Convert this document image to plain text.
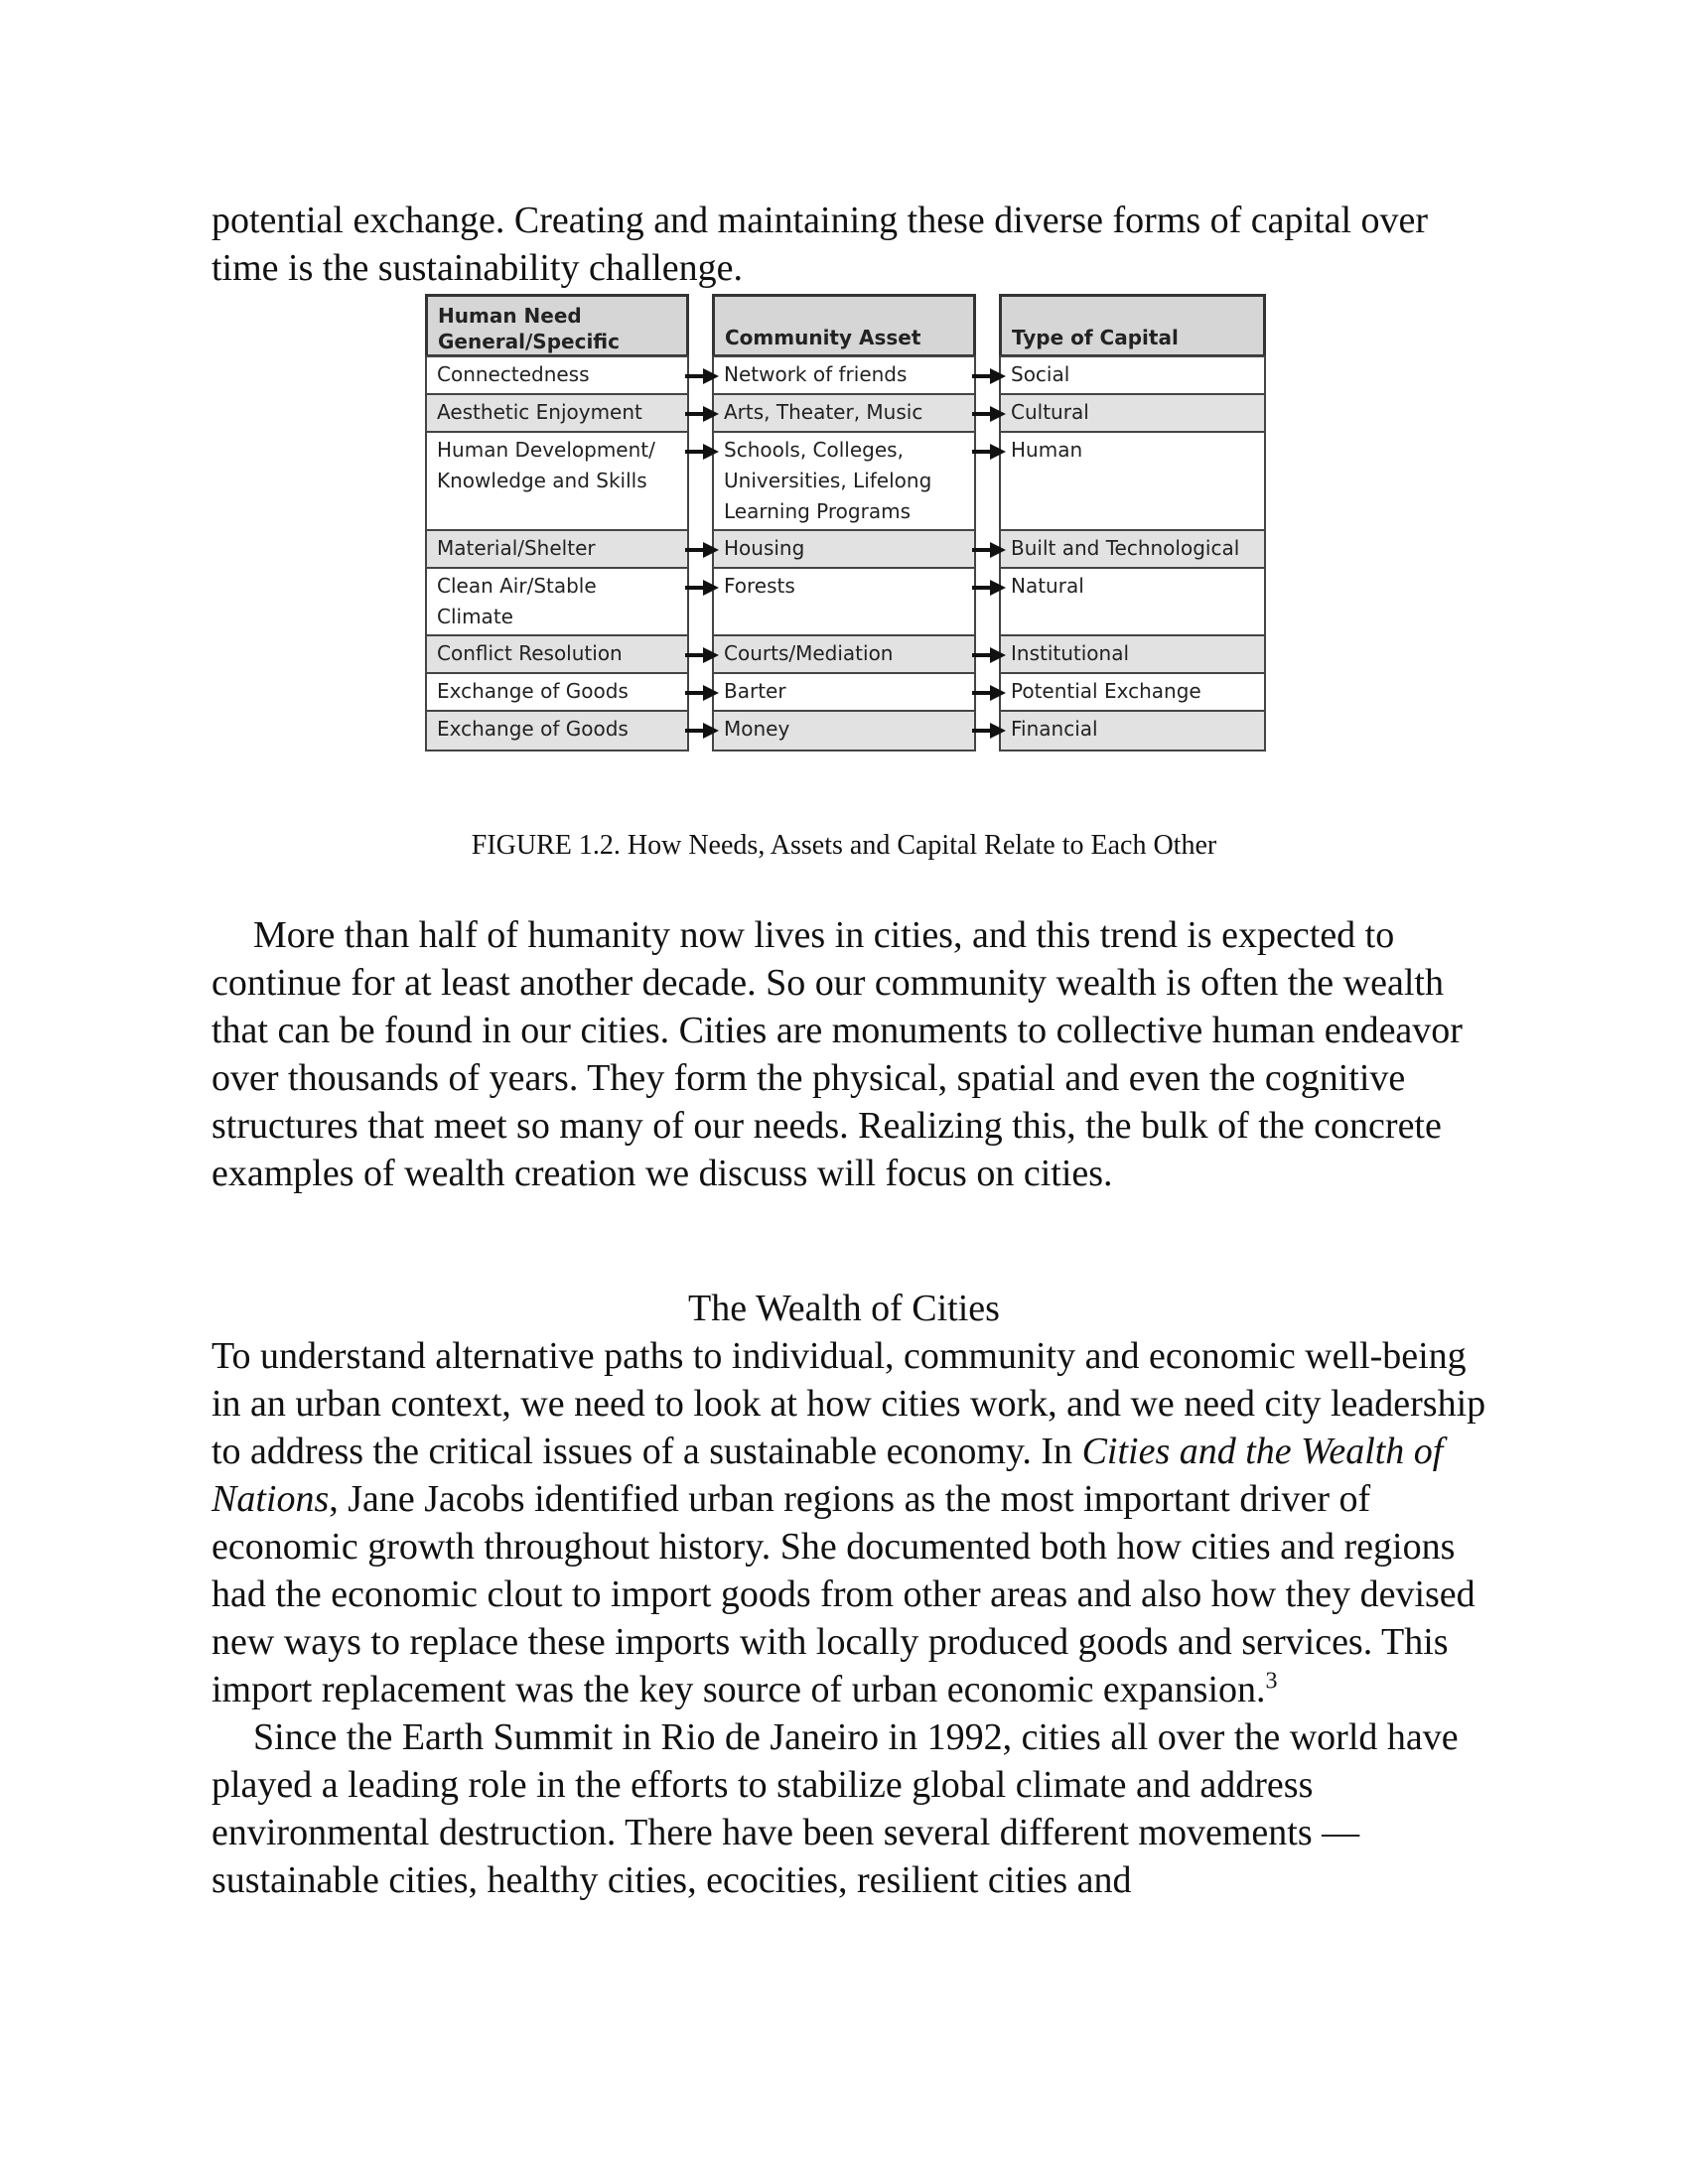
potential exchange. Creating and maintaining these diverse forms of capital over time is the sustainability challenge.

Human Need
General/Specific
Connectedness
Aesthetic Enjoyment
Human Development/
Knowledge and Skills
Material/Shelter
Clean Air/Stable
Climate
Conflict Resolution
Exchange of Goods
Exchange of Goods
Community Asset
Network of friends
Arts, Theater, Music
Schools, Colleges,
Universities, Lifelong
Learning Programs
Housing
Forests
Courts/Mediation
Barter
Money
Type of Capital
Social
Cultural
Human
Built and Technological
Natural
Institutional
Potential Exchange
Financial
FIGURE 1.2. How Needs, Assets and Capital Relate to Each Other

More than half of humanity now lives in cities, and this trend is expected to continue for at least another decade. So our community wealth is often the wealth that can be found in our cities. Cities are monuments to collective human endeavor over thousands of years. They form the physical, spatial and even the cognitive structures that meet so many of our needs. Realizing this, the bulk of the concrete examples of wealth creation we discuss will focus on cities.

The Wealth of Cities

To understand alternative paths to individual, community and economic well-being in an urban context, we need to look at how cities work, and we need city leadership to address the critical issues of a sustainable economy. In Cities and the Wealth of Nations, Jane Jacobs identified urban regions as the most important driver of economic growth throughout history. She documented both how cities and regions had the economic clout to import goods from other areas and also how they devised new ways to replace these imports with locally produced goods and services. This import replacement was the key source of urban economic expansion.$^3$

Since the Earth Summit in Rio de Janeiro in 1992, cities all over the world have played a leading role in the efforts to stabilize global climate and address environmental destruction. There have been several different movements — sustainable cities, healthy cities, ecocities, resilient cities and
